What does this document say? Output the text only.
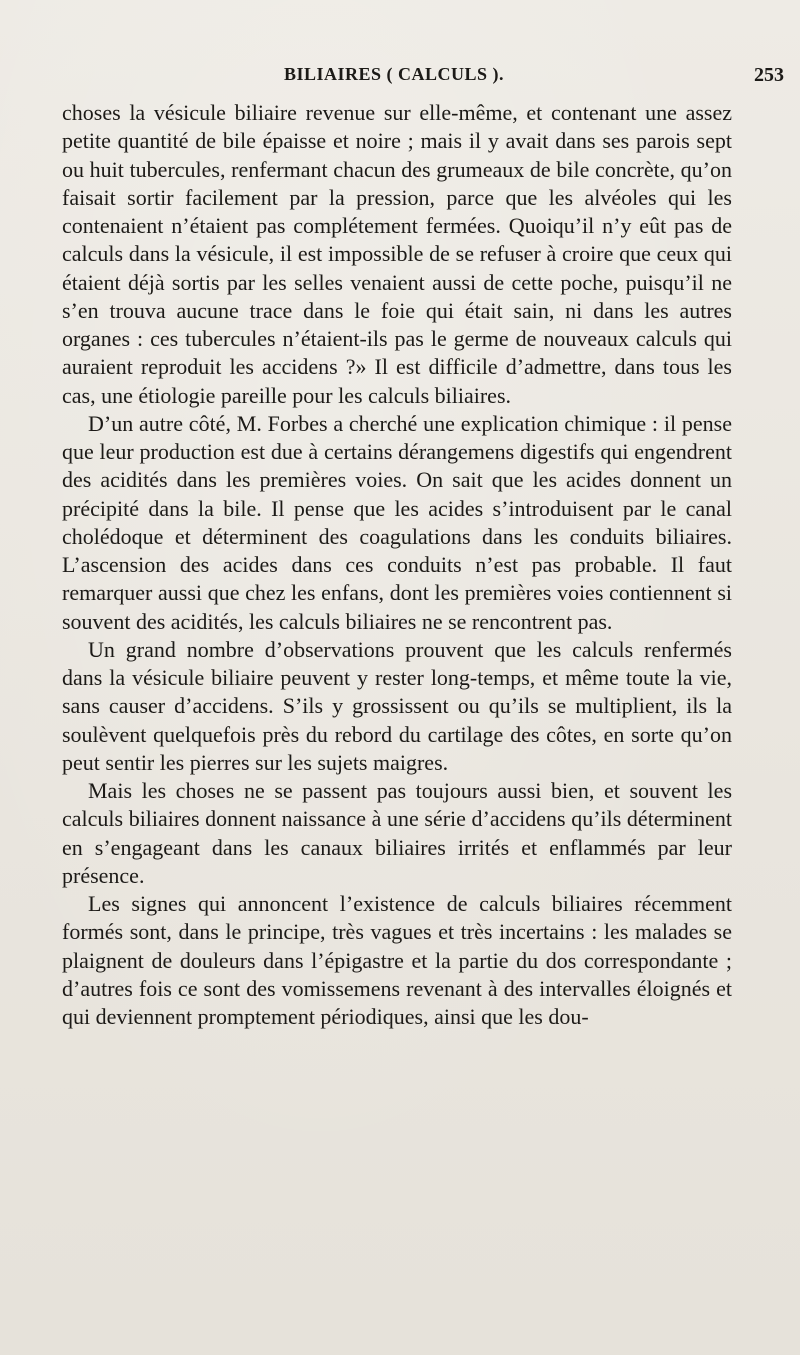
BILIAIRES ( CALCULS ).	253

choses la vésicule biliaire revenue sur elle-même, et contenant une assez petite quantité de bile épaisse et noire ; mais il y avait dans ses parois sept ou huit tubercules, renfermant chacun des grumeaux de bile concrète, qu’on faisait sortir facilement par la pression, parce que les alvéoles qui les contenaient n’étaient pas complétement fermées. Quoiqu’il n’y eût pas de calculs dans la vésicule, il est impossible de se refuser à croire que ceux qui étaient déjà sortis par les selles venaient aussi de cette poche, puisqu’il ne s’en trouva aucune trace dans le foie qui était sain, ni dans les autres organes : ces tubercules n’étaient-ils pas le germe de nouveaux calculs qui auraient reproduit les accidens ?» Il est difficile d’admettre, dans tous les cas, une étiologie pareille pour les calculs biliaires.

D’un autre côté, M. Forbes a cherché une explication chimique : il pense que leur production est due à certains dérangemens digestifs qui engendrent des acidités dans les premières voies. On sait que les acides donnent un précipité dans la bile. Il pense que les acides s’introduisent par le canal cholédoque et déterminent des coagulations dans les conduits biliaires. L’ascension des acides dans ces conduits n’est pas probable. Il faut remarquer aussi que chez les enfans, dont les premières voies contiennent si souvent des acidités, les calculs biliaires ne se rencontrent pas.

Un grand nombre d’observations prouvent que les calculs renfermés dans la vésicule biliaire peuvent y rester long-temps, et même toute la vie, sans causer d’accidens. S’ils y grossissent ou qu’ils se multiplient, ils la soulèvent quelquefois près du rebord du cartilage des côtes, en sorte qu’on peut sentir les pierres sur les sujets maigres.

Mais les choses ne se passent pas toujours aussi bien, et souvent les calculs biliaires donnent naissance à une série d’accidens qu’ils déterminent en s’engageant dans les canaux biliaires irrités et enflammés par leur présence.

Les signes qui annoncent l’existence de calculs biliaires récemment formés sont, dans le principe, très vagues et très incertains : les malades se plaignent de douleurs dans l’épigastre et la partie du dos correspondante ; d’autres fois ce sont des vomissemens revenant à des intervalles éloignés et qui deviennent promptement périodiques, ainsi que les dou-
